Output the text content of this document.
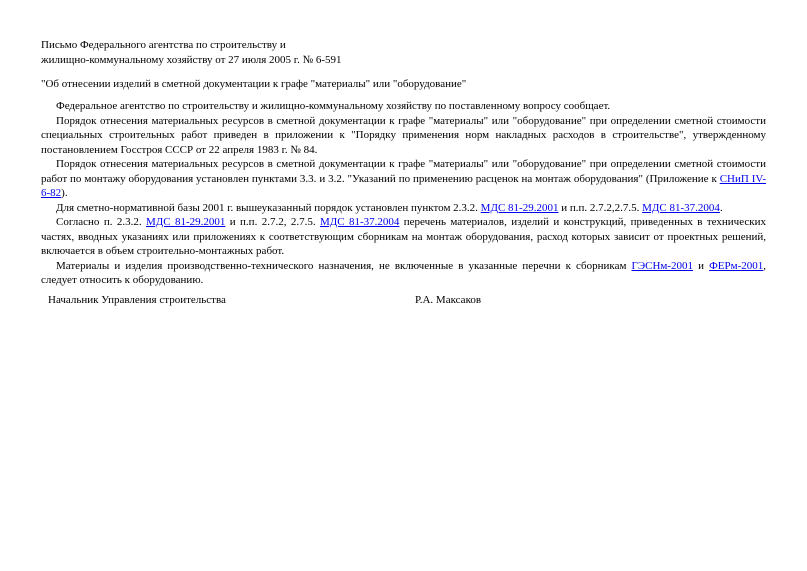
Письмо Федерального агентства по строительству и
жилищно-коммунальному хозяйству от 27 июля 2005 г. № 6-591
"Об отнесении изделий в сметной документации к графе "материалы" или "оборудование"

Федеральное агентство по строительству и жилищно-коммунальному хозяйству по поставленному вопросу сообщает.

Порядок отнесения материальных ресурсов в сметной документации к графе "материалы" или "оборудование" при определении сметной стоимости специальных строительных работ приведен в приложении к "Порядку применения норм накладных расходов в строительстве", утвержденному постановлением Госстроя СССР от 22 апреля 1983 г. № 84.

Порядок отнесения материальных ресурсов в сметной документации к графе "материалы" или "оборудование" при определении сметной стоимости работ по монтажу оборудования установлен пунктами 3.3. и 3.2. "Указаний по применению расценок на монтаж оборудования" (Приложение к СНиП IV-6-82).

Для сметно-нормативной базы 2001 г. вышеуказанный порядок установлен пунктом 2.3.2. МДС 81-29.2001 и п.п. 2.7.2,2.7.5. МДС 81-37.2004.

Согласно п. 2.3.2. МДС 81-29.2001 и п.п. 2.7.2, 2.7.5. МДС 81-37.2004 перечень материалов, изделий и конструкций, приведенных в технических частях, вводных указаниях или приложениях к соответствующим сборникам на монтаж оборудования, расход которых зависит от проектных решений, включается в объем строительно-монтажных работ.

Материалы и изделия производственно-технического назначения, не включенные в указанные перечни к сборникам ГЭСНм-2001 и ФЕРм-2001, следует относить к оборудованию.

Начальник Управления строительства	Р.А. Максаков
